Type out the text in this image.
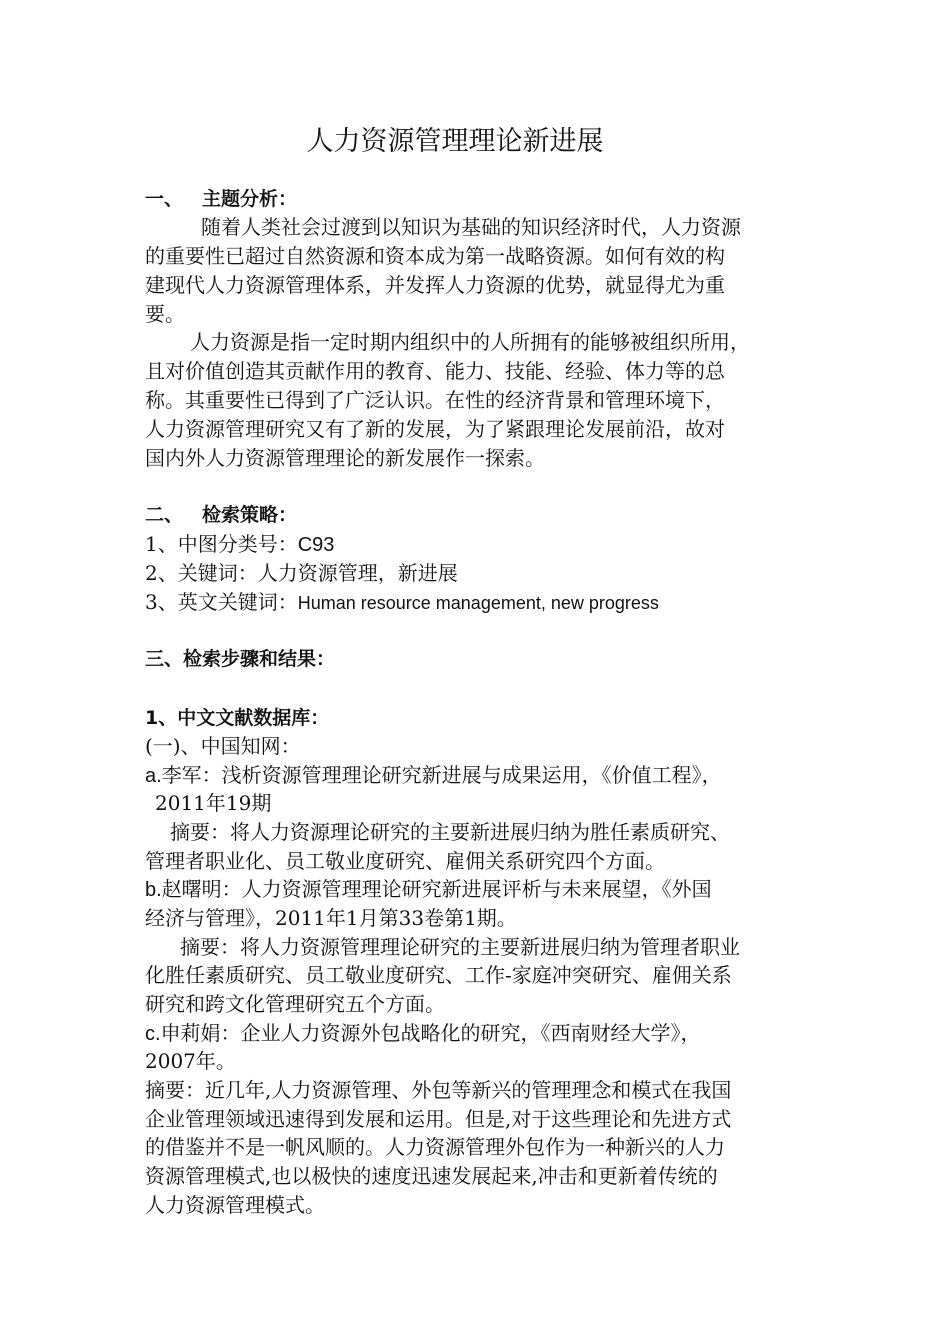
人力资源管理理论新进展
一、 主题分析：
随着人类社会过渡到以知识为基础的知识经济时代，人力资源
的重要性已超过自然资源和资本成为第一战略资源。如何有效的构
建现代人力资源管理体系，并发挥人力资源的优势，就显得尤为重
要。
人力资源是指一定时期内组织中的人所拥有的能够被组织所用，
且对价值创造其贡献作用的教育、能力、技能、经验、体力等的总
称。其重要性已得到了广泛认识。在性的经济背景和管理环境下，
人力资源管理研究又有了新的发展，为了紧跟理论发展前沿，故对
国内外人力资源管理理论的新发展作一探索。
二、 检索策略：
1、中图分类号：C93
2、关键词：人力资源管理，新进展
3、英文关键词：Human resource management, new progress
三、检索步骤和结果：
1、中文文献数据库：
(一)、中国知网：
a.李军：浅析资源管理理论研究新进展与成果运用，《价值工程》，
2011年19期
摘要：将人力资源理论研究的主要新进展归纳为胜任素质研究、
管理者职业化、员工敬业度研究、雇佣关系研究四个方面。
b.赵曙明：人力资源管理理论研究新进展评析与未来展望，《外国
经济与管理》，2011年1月第33卷第1期。
摘要：将人力资源管理理论研究的主要新进展归纳为管理者职业
化胜任素质研究、员工敬业度研究、工作-家庭冲突研究、雇佣关系
研究和跨文化管理研究五个方面。
c.申莉娟：企业人力资源外包战略化的研究，《西南财经大学》，
2007年。
摘要：近几年,人力资源管理、外包等新兴的管理理念和模式在我国
企业管理领域迅速得到发展和运用。但是,对于这些理论和先进方式
的借鉴并不是一帆风顺的。人力资源管理外包作为一种新兴的人力
资源管理模式,也以极快的速度迅速发展起来,冲击和更新着传统的
人力资源管理模式。
